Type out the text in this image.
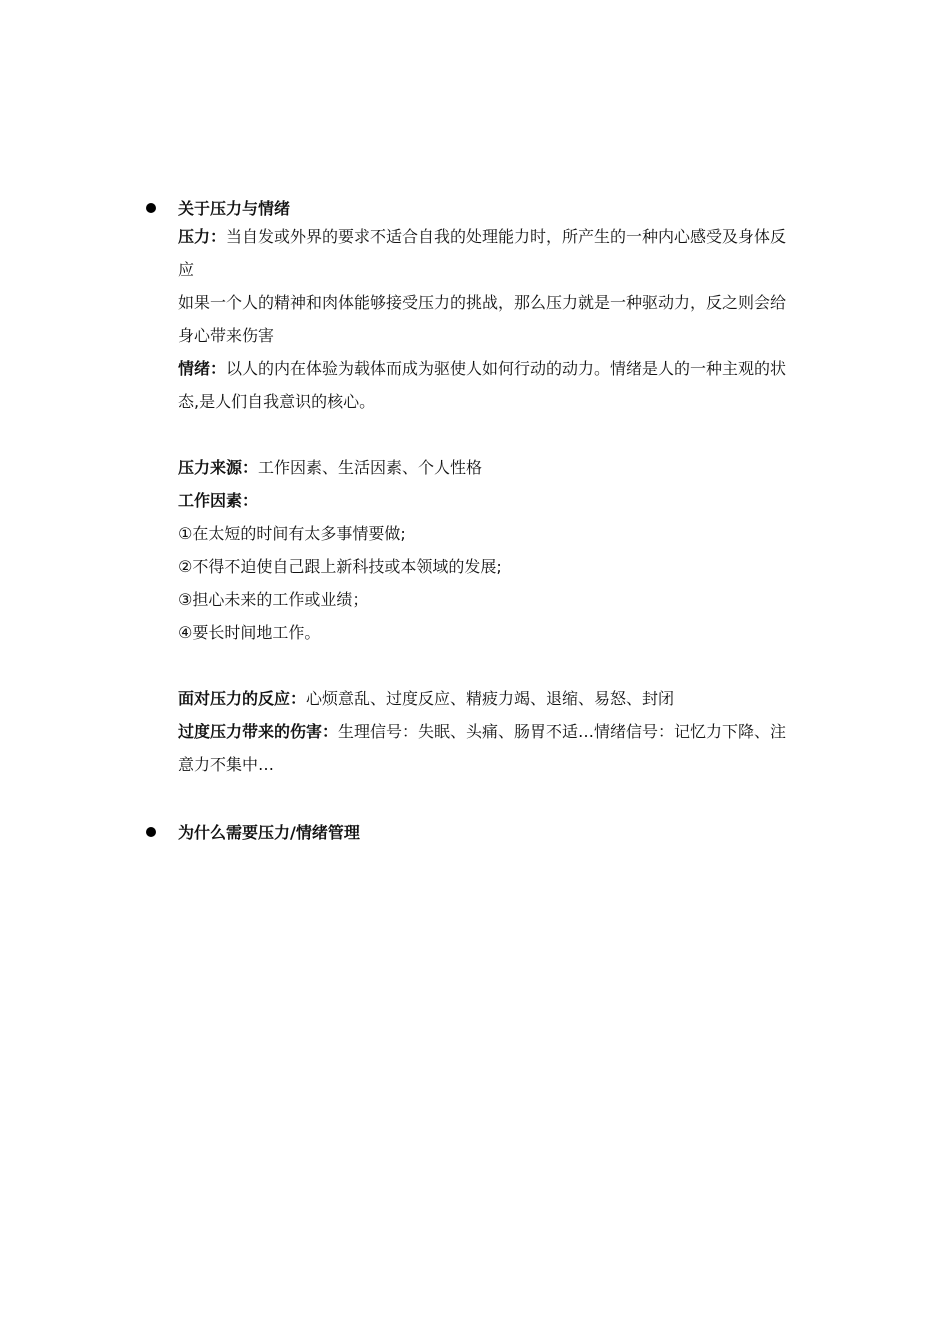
关于压力与情绪
压力：当自发或外界的要求不适合自我的处理能力时，所产生的一种内心感受及身体反
应
如果一个人的精神和肉体能够接受压力的挑战，那么压力就是一种驱动力，反之则会给
身心带来伤害
情绪：以人的内在体验为载体而成为驱使人如何行动的动力。情绪是人的一种主观的状
态,是人们自我意识的核心。
压力来源：工作因素、生活因素、个人性格
工作因素：
①在太短的时间有太多事情要做;
②不得不迫使自己跟上新科技或本领域的发展;
③担心未来的工作或业绩；
④要长时间地工作。
面对压力的反应：心烦意乱、过度反应、精疲力竭、退缩、易怒、封闭
过度压力带来的伤害：生理信号：失眠、头痛、肠胃不适…情绪信号：记忆力下降、注
意力不集中…
为什么需要压力/情绪管理
